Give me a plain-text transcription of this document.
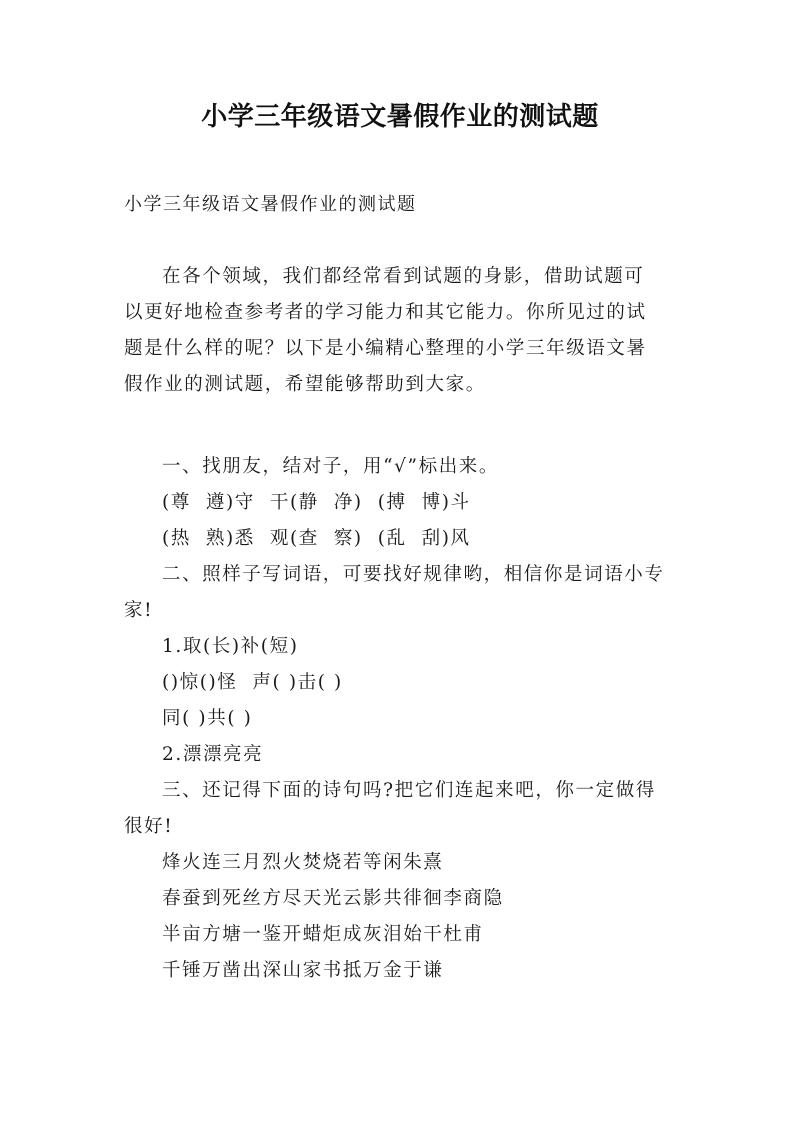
小学三年级语文暑假作业的测试题
小学三年级语文暑假作业的测试题

在各个领域，我们都经常看到试题的身影，借助试题可以更好地检查参考者的学习能力和其它能力。你所见过的试题是什么样的呢？以下是小编精心整理的小学三年级语文暑假作业的测试题，希望能够帮助到大家。

一、找朋友，结对子，用“√”标出来。

(尊  遵)守  干(静  净)  (搏  博)斗

(热  熟)悉  观(查  察)  (乱  刮)风

二、照样子写词语，可要找好规律哟，相信你是词语小专家!

1.取(长)补(短)

()惊()怪  声( )击( )

同( )共( )

2.漂漂亮亮

三、还记得下面的诗句吗?把它们连起来吧，你一定做得很好!

烽火连三月烈火焚烧若等闲朱熹

春蚕到死丝方尽天光云影共徘徊李商隐

半亩方塘一鉴开蜡炬成灰泪始干杜甫

千锤万凿出深山家书抵万金于谦
